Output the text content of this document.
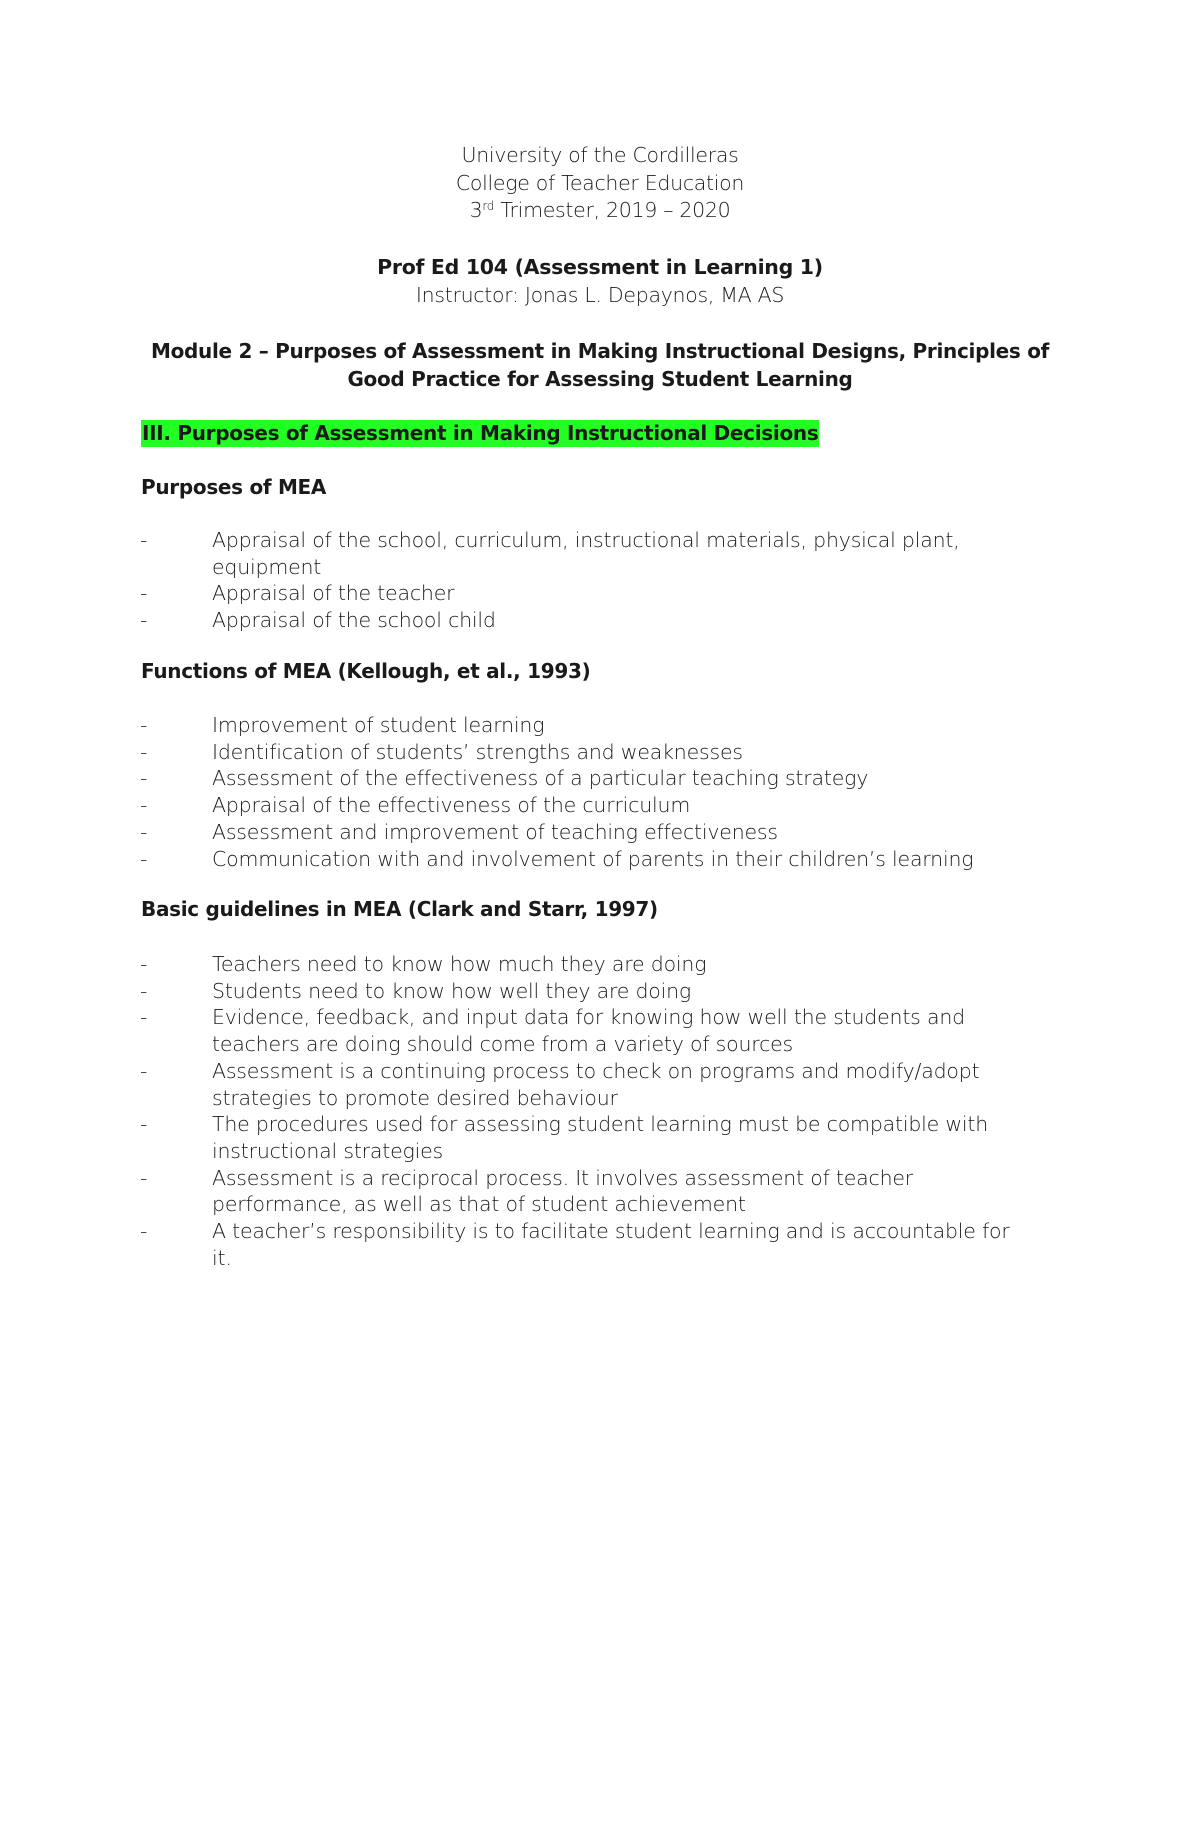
University of the Cordilleras
College of Teacher Education
3rd Trimester, 2019 – 2020
Prof Ed 104 (Assessment in Learning 1)
Instructor: Jonas L. Depaynos, MA AS
Module 2 – Purposes of Assessment in Making Instructional Designs, Principles of Good Practice for Assessing Student Learning
III. Purposes of Assessment in Making Instructional Decisions
Purposes of MEA
-	Appraisal of the school, curriculum, instructional materials, physical plant, equipment
-	Appraisal of the teacher
-	Appraisal of the school child
Functions of MEA (Kellough, et al., 1993)
-	Improvement of student learning
-	Identification of students’ strengths and weaknesses
-	Assessment of the effectiveness of a particular teaching strategy
-	Appraisal of the effectiveness of the curriculum
-	Assessment and improvement of teaching effectiveness
-	Communication with and involvement of parents in their children’s learning
Basic guidelines in MEA (Clark and Starr, 1997)
-	Teachers need to know how much they are doing
-	Students need to know how well they are doing
-	Evidence, feedback, and input data for knowing how well the students and teachers are doing should come from a variety of sources
-	Assessment is a continuing process to check on programs and modify/adopt strategies to promote desired behaviour
-	The procedures used for assessing student learning must be compatible with instructional strategies
-	Assessment is a reciprocal process. It involves assessment of teacher performance, as well as that of student achievement
-	A teacher’s responsibility is to facilitate student learning and is accountable for it.
